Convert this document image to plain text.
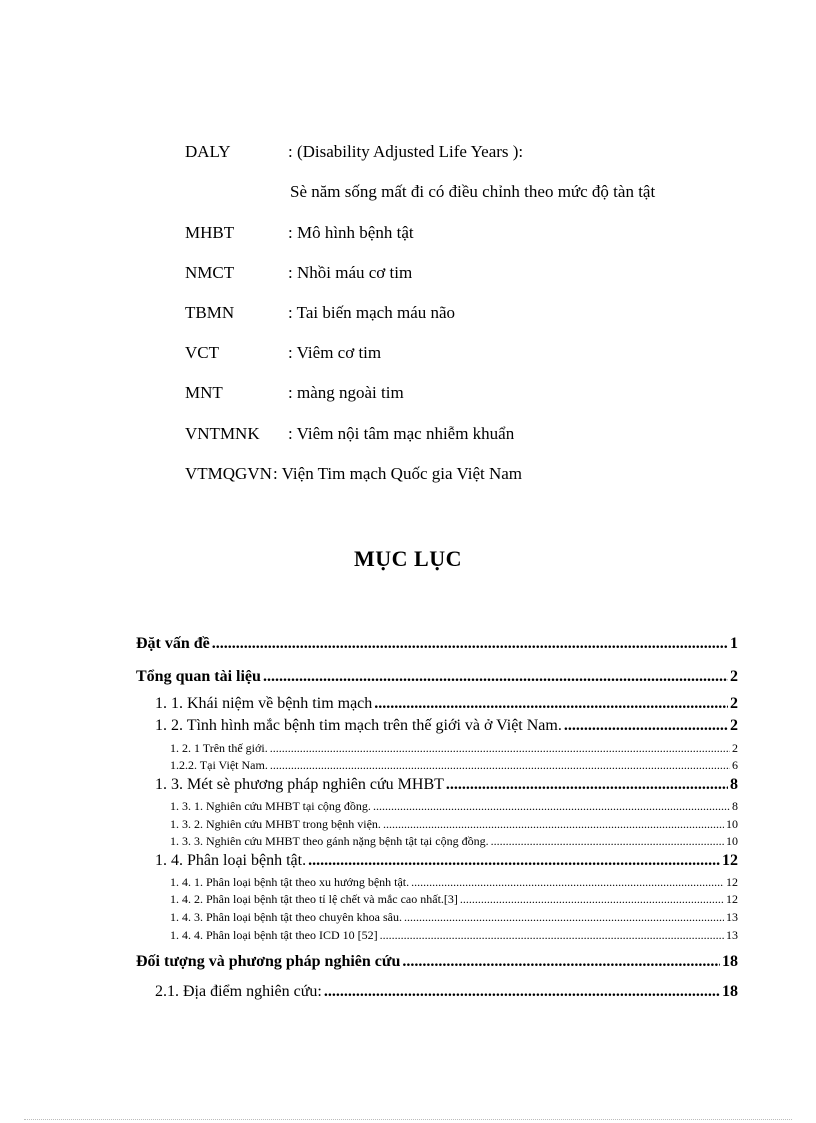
DALY	: (Disability Adjusted Life Years ):
Sè năm sống mất đi có điều chỉnh theo mức độ tàn tật
MHBT	: Mô hình bệnh tật
NMCT	: Nhồi máu cơ tim
TBMN	: Tai biến mạch máu não
VCT	: Viêm cơ tim
MNT	: màng ngoài tim
VNTMNK : Viêm nội tâm mạc nhiễm khuẩn
VTMQGVN : Viện Tim mạch Quốc gia Việt Nam
MỤC LỤC
Đặt vấn đề .....	1
Tổng quan tài liệu .....	2
1. 1. Khái niệm về bệnh tim mạch .....	2
1. 2. Tình hình mắc bệnh tim mạch trên thế giới và ở Việt Nam. .....	2
1. 2. 1 Trên thế giới. .....	2
1.2.2. Tại Việt Nam. .....	6
1. 3. Mét sè phương pháp nghiên cứu MHBT .....	8
1. 3. 1. Nghiên cứu MHBT tại cộng đồng. .....	8
1. 3. 2. Nghiên cứu MHBT trong bệnh viện. .....	10
1. 3. 3. Nghiên cứu MHBT theo gánh nặng bệnh tật tại cộng đồng. .....	10
1. 4. Phân loại bệnh tật. .....	12
1. 4. 1. Phân loại bệnh tật theo xu hướng bệnh tật. .....	12
1. 4. 2. Phân loại bệnh tật theo tỉ lệ chết và mắc cao nhất.[3] .....	12
1. 4. 3. Phân loại bệnh tật theo chuyên khoa sâu. .....	13
1. 4. 4. Phân loại bệnh tật theo ICD 10 [52] .....	13
Đối tượng và phương pháp nghiên cứu .....	18
2.1. Địa điểm nghiên cứu: .....	18
